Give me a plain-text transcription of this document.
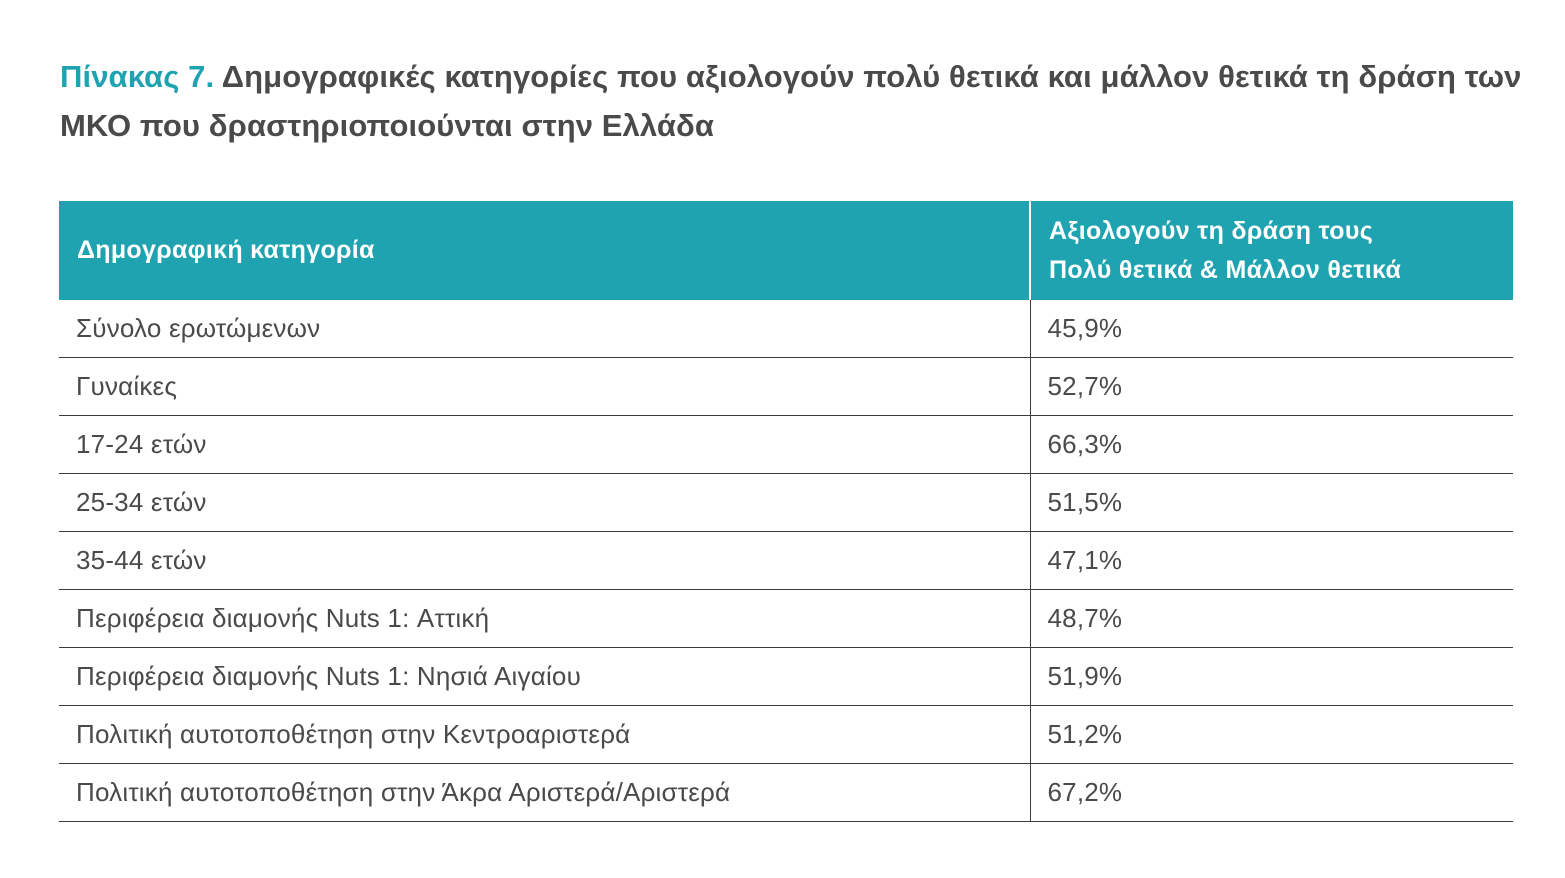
Πίνακας 7. Δημογραφικές κατηγορίες που αξιολογούν πολύ θετικά και μάλλον θετικά τη δράση των ΜΚΟ που δραστηριοποιούνται στην Ελλάδα
Δημογραφική κατηγορία	Αξιολογούν τη δράση τους
Πολύ θετικά & Μάλλον θετικά
Σύνολο ερωτώμενων	45,9%
Γυναίκες	52,7%
17-24 ετών	66,3%
25-34 ετών	51,5%
35-44 ετών	47,1%
Περιφέρεια διαμονής Nuts 1: Αττική	48,7%
Περιφέρεια διαμονής Nuts 1: Νησιά Αιγαίου	51,9%
Πολιτική αυτοτοποθέτηση στην Κεντροαριστερά	51,2%
Πολιτική αυτοτοποθέτηση στην Άκρα Αριστερά/Αριστερά	67,2%
